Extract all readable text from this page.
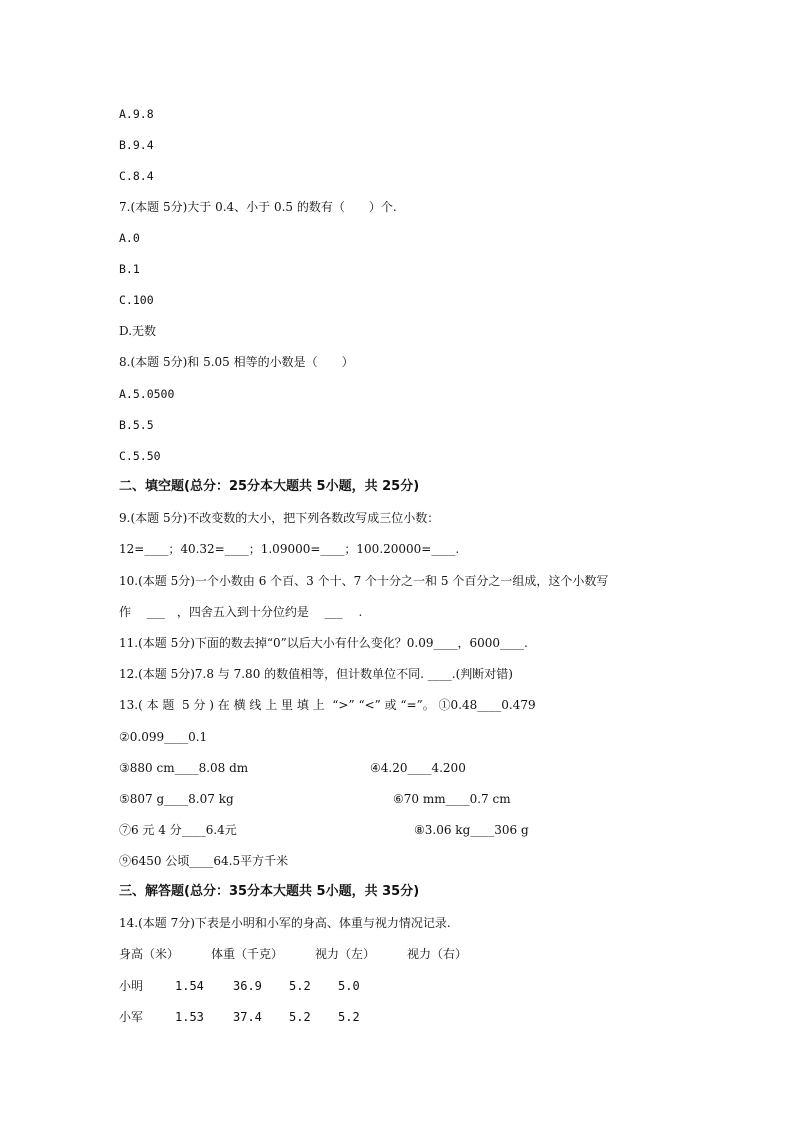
A.9.8
B.9.4
C.8.4
7.(本题 5分)大于 0.4、小于 0.5 的数有（　　）个.
A.0
B.1
C.100
D.无数
8.(本题 5分)和 5.05 相等的小数是（　　）
A.5.0500
B.5.5
C.5.50
二、填空题(总分：25分本大题共 5小题，共 25分)
9.(本题 5分)不改变数的大小，把下列各数改写成三位小数：
12=____；40.32=____；1.09000=____；100.20000=____.
10.(本题 5分)一个小数由 6 个百、3 个十、7 个十分之一和 5 个百分之一组成，这个小数写
作　 ___　，四舍五入到十分位约是　 ___　 .
11.(本题 5分)下面的数去掉“0”以后大小有什么变化？0.09____，6000____.
12.(本题 5分)7.8 与 7.80 的数值相等，但计数单位不同. ____.(判断对错)
13.( 本 题  5 分 ) 在 横 线 上 里 填 上  “>” “<” 或 “=”。 ①0.48____0.479
②0.099____0.1
③880 cm____8.08 dm	④4.20____4.200
⑤807 g____8.07 kg	⑥70 mm____0.7 cm
⑦6 元 4 分____6.4元	⑧3.06 kg____306 g
⑨6450 公顷____64.5平方千米
三、解答题(总分：35分本大题共 5小题，共 35分)
14.(本题 7分)下表是小明和小军的身高、体重与视力情况记录.
身高（米）	体重（千克）	视力（左）	视力（右）
小明	1.54 36.9 5.2 5.0
小军	1.53 37.4 5.2 5.2
